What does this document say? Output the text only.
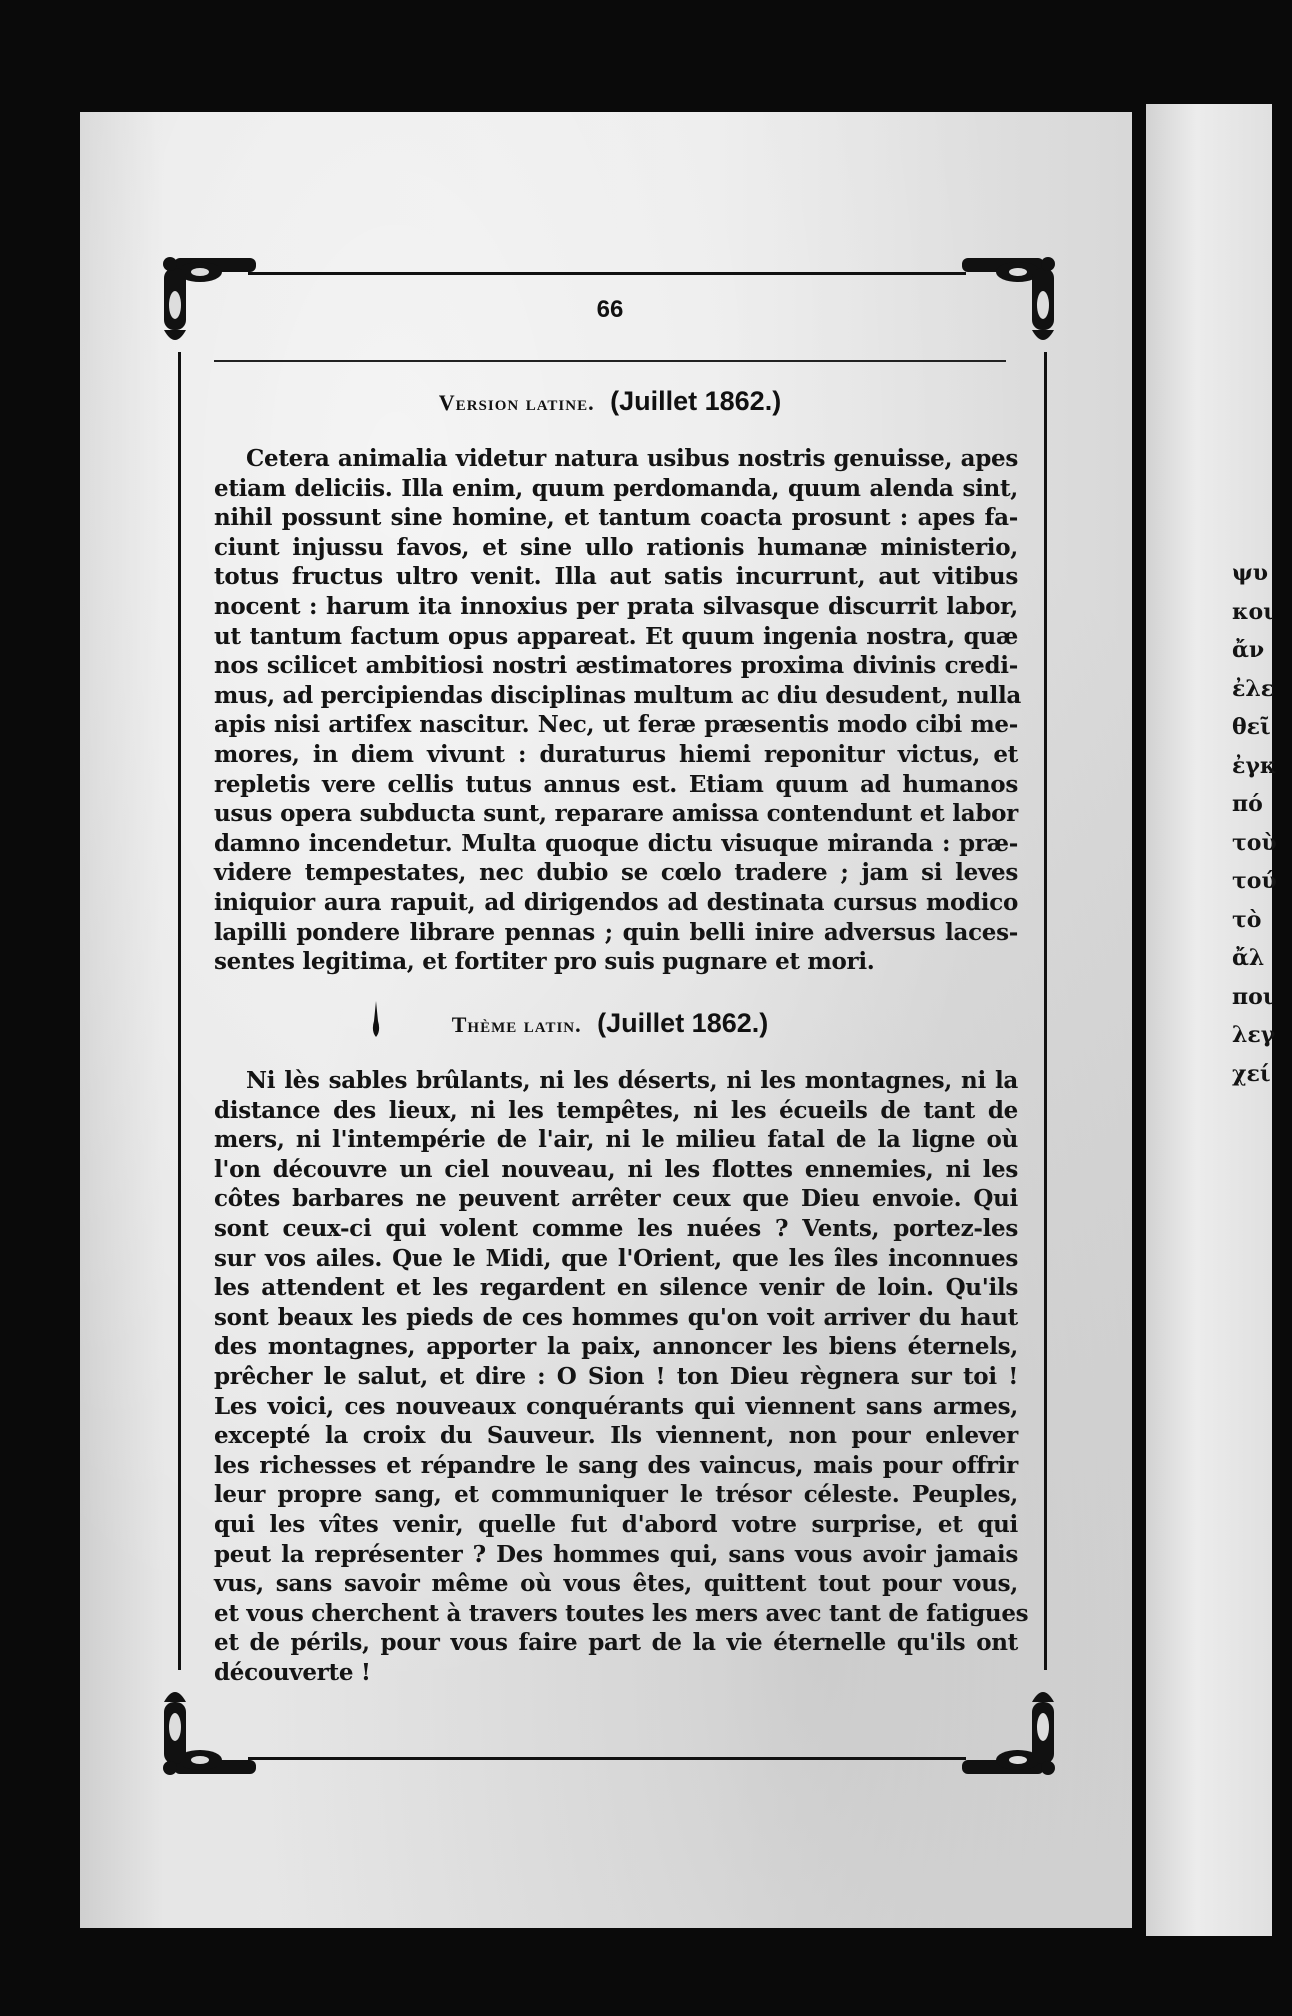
ψυ
κοι
ἄν
ἐλε
θεῖ
ἐγκ
πό
τοὺ
τού
τὸ
ἄλ
ποι
λεγ
χεί
66
Version latine. (Juillet 1862.)
Cetera animalia videtur natura usibus nostris genuisse, apes
etiam deliciis. Illa enim, quum perdomanda, quum alenda sint,
nihil possunt sine homine, et tantum coacta prosunt : apes fa-
ciunt injussu favos, et sine ullo rationis humanæ ministerio,
totus fructus ultro venit. Illa aut satis incurrunt, aut vitibus
nocent : harum ita innoxius per prata silvasque discurrit labor,
ut tantum factum opus appareat. Et quum ingenia nostra, quæ
nos scilicet ambitiosi nostri æstimatores proxima divinis credi-
mus, ad percipiendas disciplinas multum ac diu desudent, nulla
apis nisi artifex nascitur. Nec, ut feræ præsentis modo cibi me-
mores, in diem vivunt : duraturus hiemi reponitur victus, et
repletis vere cellis tutus annus est. Etiam quum ad humanos
usus opera subducta sunt, reparare amissa contendunt et labor
damno incendetur. Multa quoque dictu visuque miranda : præ-
videre tempestates, nec dubio se cœlo tradere ; jam si leves
iniquior aura rapuit, ad dirigendos ad destinata cursus modico
lapilli pondere librare pennas ; quin belli inire adversus laces-
sentes legitima, et fortiter pro suis pugnare et mori.
Thème latin. (Juillet 1862.)
Ni lès sables brûlants, ni les déserts, ni les montagnes, ni la
distance des lieux, ni les tempêtes, ni les écueils de tant de
mers, ni l'intempérie de l'air, ni le milieu fatal de la ligne où
l'on découvre un ciel nouveau, ni les flottes ennemies, ni les
côtes barbares ne peuvent arrêter ceux que Dieu envoie. Qui
sont ceux-ci qui volent comme les nuées ? Vents, portez-les
sur vos ailes. Que le Midi, que l'Orient, que les îles inconnues
les attendent et les regardent en silence venir de loin. Qu'ils
sont beaux les pieds de ces hommes qu'on voit arriver du haut
des montagnes, apporter la paix, annoncer les biens éternels,
prêcher le salut, et dire : O Sion ! ton Dieu règnera sur toi !
Les voici, ces nouveaux conquérants qui viennent sans armes,
excepté la croix du Sauveur. Ils viennent, non pour enlever
les richesses et répandre le sang des vaincus, mais pour offrir
leur propre sang, et communiquer le trésor céleste. Peuples,
qui les vîtes venir, quelle fut d'abord votre surprise, et qui
peut la représenter ? Des hommes qui, sans vous avoir jamais
vus, sans savoir même où vous êtes, quittent tout pour vous,
et vous cherchent à travers toutes les mers avec tant de fatigues
et de périls, pour vous faire part de la vie éternelle qu'ils ont
découverte !
